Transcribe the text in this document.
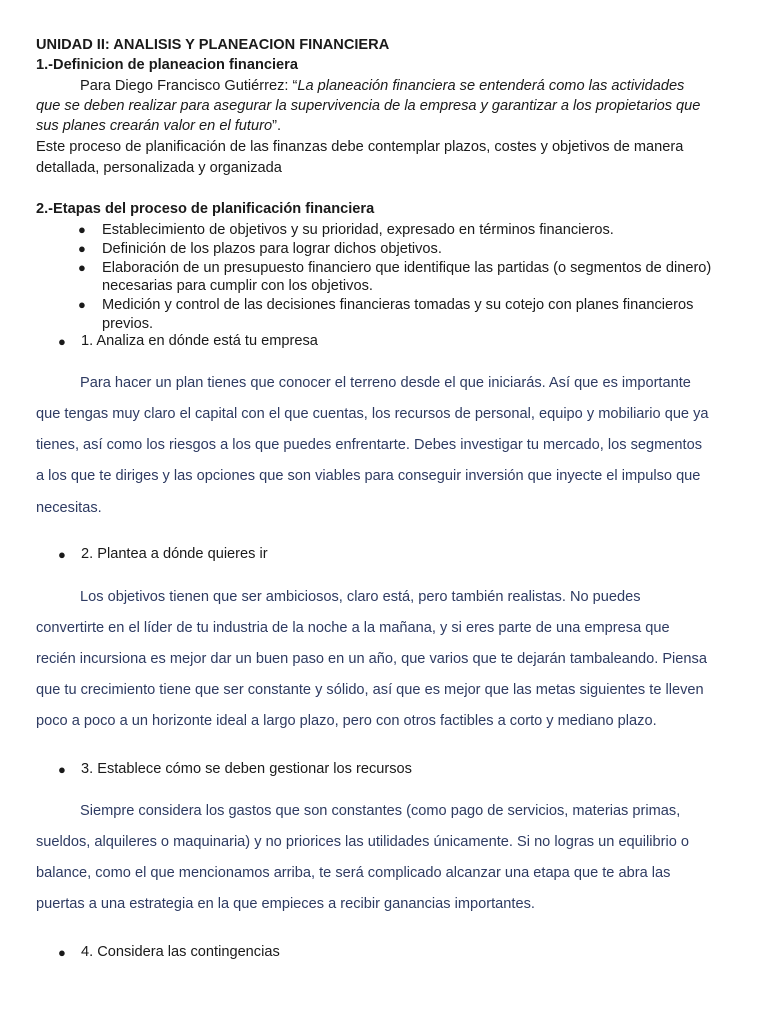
UNIDAD II: ANALISIS Y PLANEACION FINANCIERA
1.-Definicion de planeacion financiera
Para Diego Francisco Gutiérrez: “La planeación financiera se entenderá como las actividades
que se deben realizar para asegurar la supervivencia de la empresa y garantizar a los propietarios que
sus planes crearán valor en el futuro”.
Este proceso de planificación de las finanzas debe contemplar plazos, costes y objetivos de manera
detallada, personalizada y organizada
2.-Etapas del proceso de planificación financiera
● Establecimiento de objetivos y su prioridad, expresado en términos financieros.
● Definición de los plazos para lograr dichos objetivos.
● Elaboración de un presupuesto financiero que identifique las partidas (o segmentos de dinero)
necesarias para cumplir con los objetivos.
● Medición y control de las decisiones financieras tomadas y su cotejo con planes financieros
previos.
● 1. Analiza en dónde está tu empresa
Para hacer un plan tienes que conocer el terreno desde el que iniciarás. Así que es importante
que tengas muy claro el capital con el que cuentas, los recursos de personal, equipo y mobiliario que ya
tienes, así como los riesgos a los que puedes enfrentarte. Debes investigar tu mercado, los segmentos
a los que te diriges y las opciones que son viables para conseguir inversión que inyecte el impulso que
necesitas.
● 2. Plantea a dónde quieres ir
Los objetivos tienen que ser ambiciosos, claro está, pero también realistas. No puedes
convertirte en el líder de tu industria de la noche a la mañana, y si eres parte de una empresa que
recién incursiona es mejor dar un buen paso en un año, que varios que te dejarán tambaleando. Piensa
que tu crecimiento tiene que ser constante y sólido, así que es mejor que las metas siguientes te lleven
poco a poco a un horizonte ideal a largo plazo, pero con otros factibles a corto y mediano plazo.
● 3. Establece cómo se deben gestionar los recursos
Siempre considera los gastos que son constantes (como pago de servicios, materias primas,
sueldos, alquileres o maquinaria) y no priorices las utilidades únicamente. Si no logras un equilibrio o
balance, como el que mencionamos arriba, te será complicado alcanzar una etapa que te abra las
puertas a una estrategia en la que empieces a recibir ganancias importantes.
● 4. Considera las contingencias
